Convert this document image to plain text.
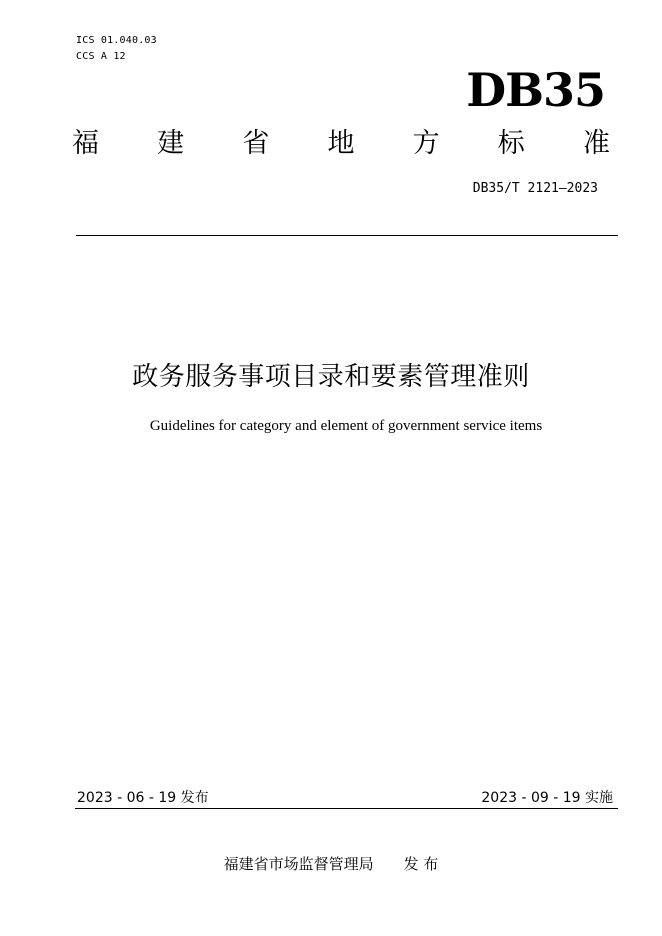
ICS 01.040.03
CCS A 12
DB35
福 建 省 地 方 标 准
DB35/T 2121—2023
政务服务事项目录和要素管理准则
Guidelines for category and element of government service items
2023 - 06 - 19 发布	2023 - 09 - 19 实施
福建省市场监督管理局 发 布
